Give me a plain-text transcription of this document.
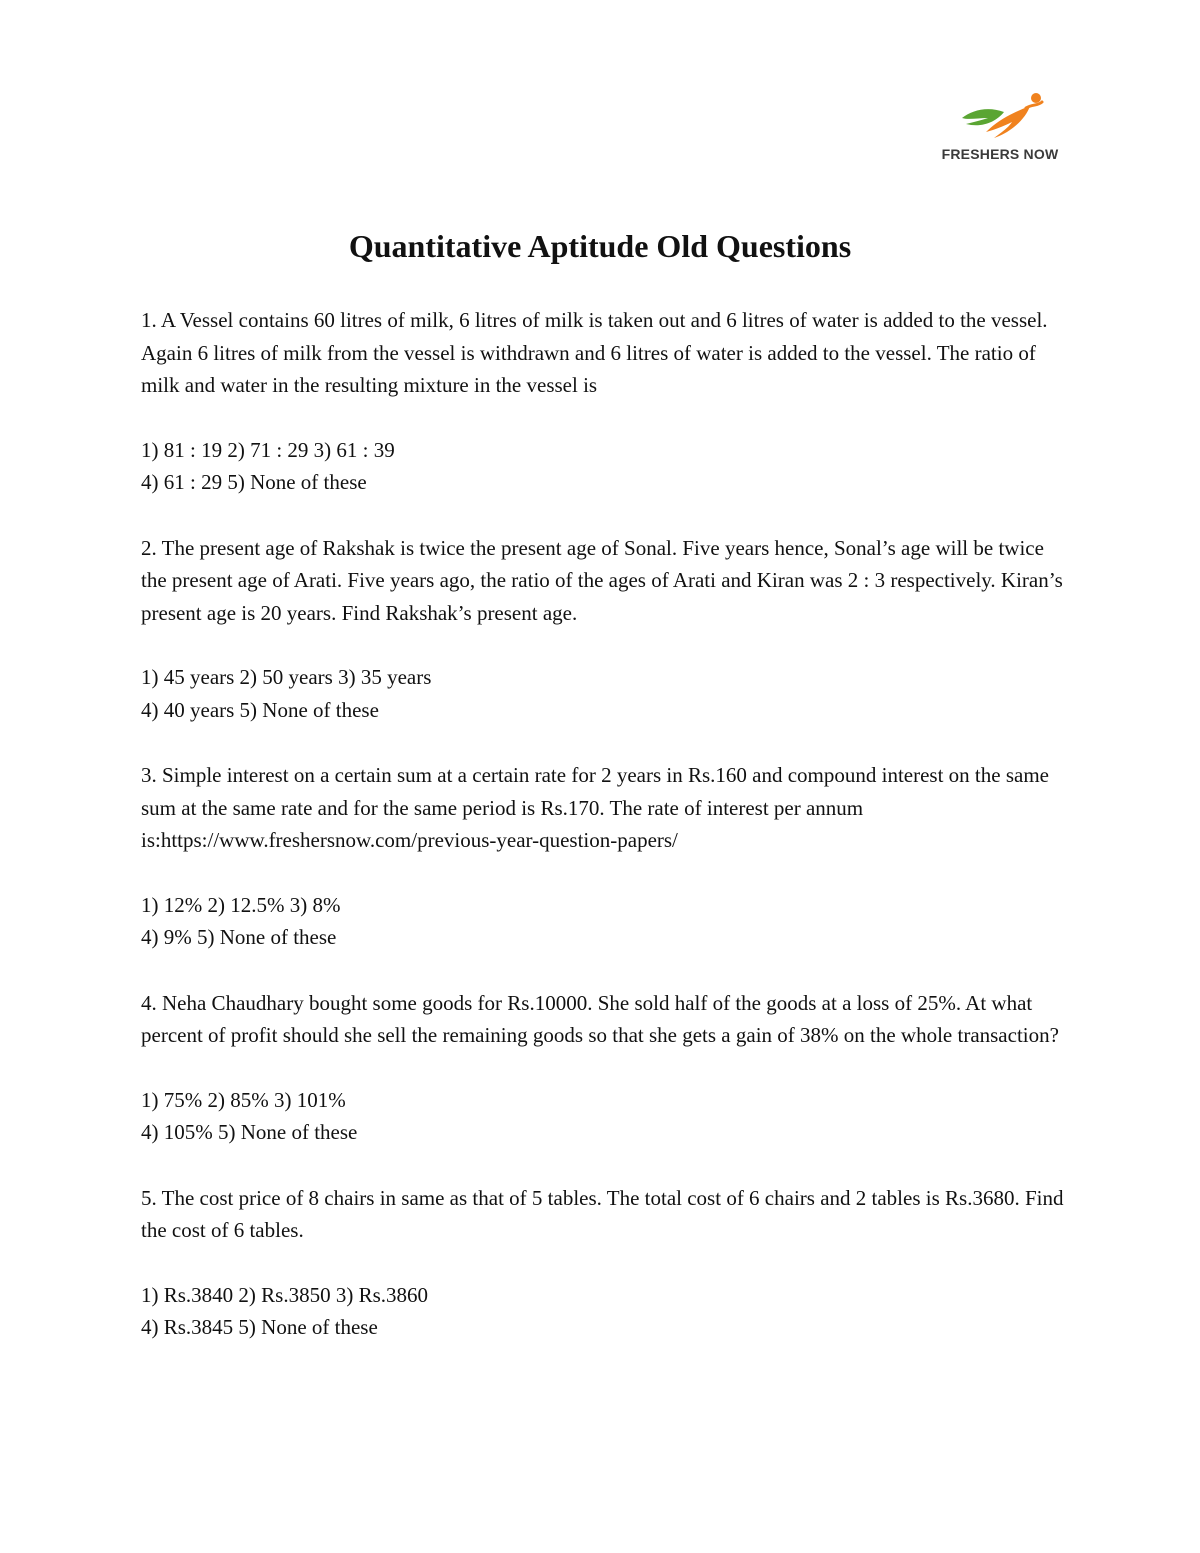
FRESHERS NOW
Quantitative Aptitude Old Questions

1. A Vessel contains 60 litres of milk, 6 litres of milk is taken out and 6 litres of water is added to the vessel. Again 6 litres of milk from the vessel is withdrawn and 6 litres of water is added to the vessel. The ratio of milk and water in the resulting mixture in the vessel is

1) 81 : 19 2) 71 : 29 3) 61 : 39
4) 61 : 29 5) None of these

2. The present age of Rakshak is twice the present age of Sonal. Five years hence, Sonal’s age will be twice the present age of Arati. Five years ago, the ratio of the ages of Arati and Kiran was 2 : 3 respectively. Kiran’s present age is 20 years. Find Rakshak’s present age.

1) 45 years 2) 50 years 3) 35 years
4) 40 years 5) None of these

3. Simple interest on a certain sum at a certain rate for 2 years in Rs.160 and compound interest on the same sum at the same rate and for the same period is Rs.170. The rate of interest per annum is:https://www.freshersnow.com/previous-year-question-papers/

1) 12% 2) 12.5% 3) 8%
4) 9% 5) None of these

4. Neha Chaudhary bought some goods for Rs.10000. She sold half of the goods at a loss of 25%. At what percent of profit should she sell the remaining goods so that she gets a gain of 38% on the whole transaction?

1) 75% 2) 85% 3) 101%
4) 105% 5) None of these

5. The cost price of 8 chairs in same as that of 5 tables. The total cost of 6 chairs and 2 tables is Rs.3680. Find the cost of 6 tables.

1) Rs.3840 2) Rs.3850 3) Rs.3860
4) Rs.3845 5) None of these
